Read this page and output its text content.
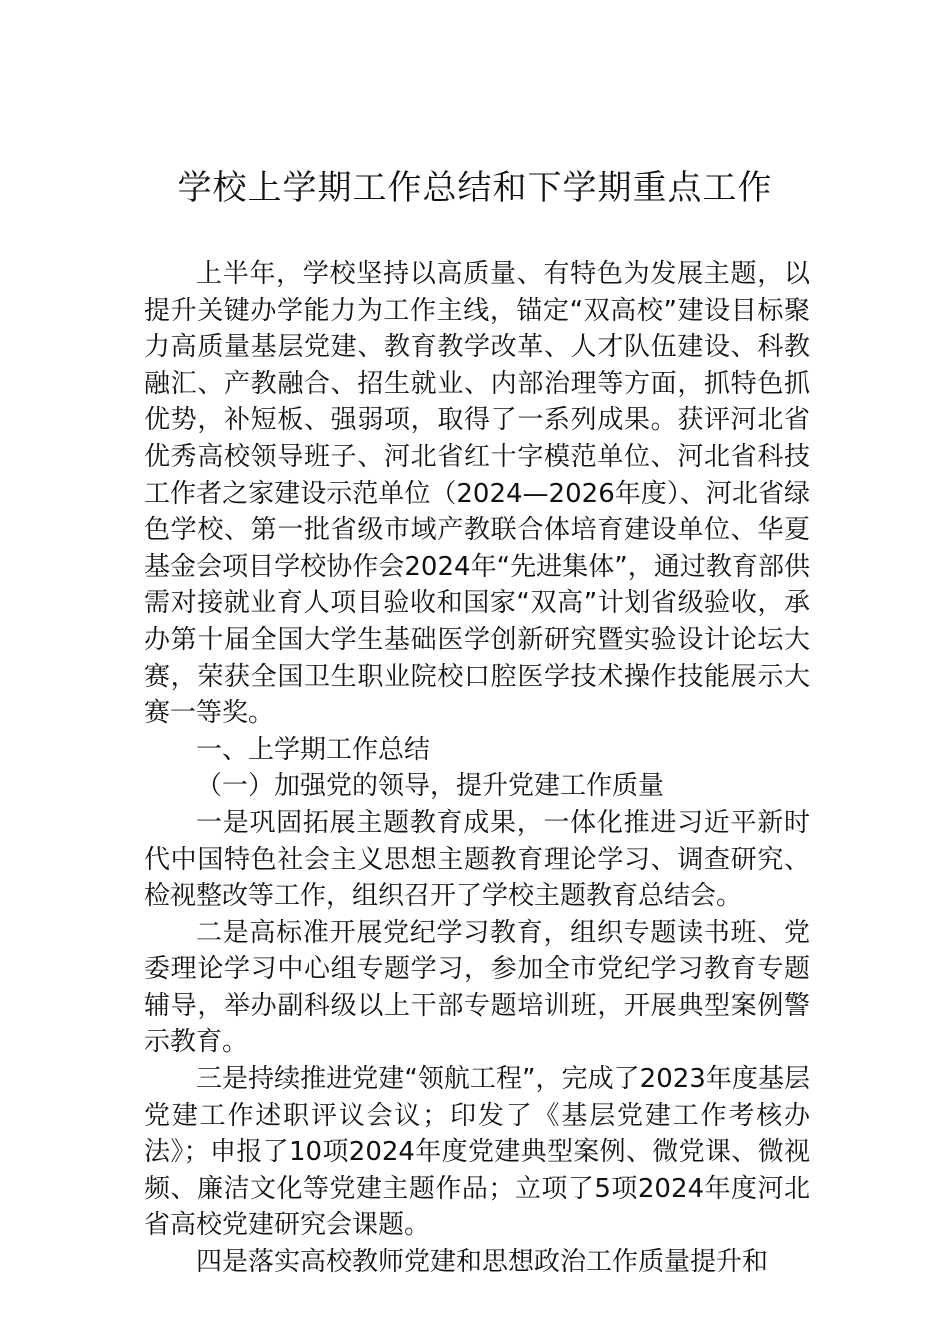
学校上学期工作总结和下学期重点工作

上半年，学校坚持以高质量、有特色为发展主题，以提升关键办学能力为工作主线，锚定“双高校”建设目标聚力高质量基层党建、教育教学改革、人才队伍建设、科教融汇、产教融合、招生就业、内部治理等方面，抓特色抓优势，补短板、强弱项，取得了一系列成果。获评河北省优秀高校领导班子、河北省红十字模范单位、河北省科技工作者之家建设示范单位（2024—2026年度）、河北省绿色学校、第一批省级市域产教联合体培育建设单位、华夏基金会项目学校协作会2024年“先进集体”，通过教育部供需对接就业育人项目验收和国家“双高”计划省级验收，承办第十届全国大学生基础医学创新研究暨实验设计论坛大赛，荣获全国卫生职业院校口腔医学技术操作技能展示大赛一等奖。

一、上学期工作总结

（一）加强党的领导，提升党建工作质量

一是巩固拓展主题教育成果，一体化推进习近平新时代中国特色社会主义思想主题教育理论学习、调查研究、检视整改等工作，组织召开了学校主题教育总结会。

二是高标准开展党纪学习教育，组织专题读书班、党委理论学习中心组专题学习，参加全市党纪学习教育专题辅导，举办副科级以上干部专题培训班，开展典型案例警示教育。

三是持续推进党建“领航工程”，完成了2023年度基层党建工作述职评议会议；印发了《基层党建工作考核办法》；申报了10项2024年度党建典型案例、微党课、微视频、廉洁文化等党建主题作品；立项了5项2024年度河北省高校党建研究会课题。

四是落实高校教师党建和思想政治工作质量提升和
